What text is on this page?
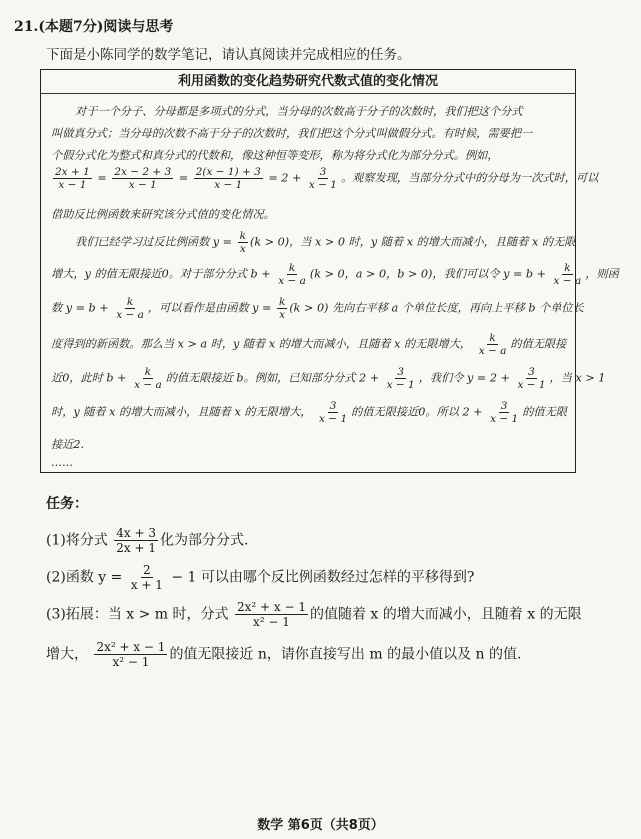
21.(本题7分)阅读与思考
下面是小陈同学的数学笔记，请认真阅读并完成相应的任务。
利用函数的变化趋势研究代数式值的变化情况
对于一个分子、分母都是多项式的分式，当分母的次数高于分子的次数时，我们把这个分式
叫做真分式；当分母的次数不高于分子的次数时，我们把这个分式叫做假分式。有时候，需要把一
个假分式化为整式和真分式的代数和，像这种恒等变形，称为将分式化为部分分式。例如，
$\frac{2x + 1}{x - 1} = \frac{2x - 2 + 3}{x - 1} = \frac{2(x - 1) + 3}{x - 1} = 2 + \frac{3}{x - 1}$ 。观察发现，当部分分式中的分母为一次式时，可以
借助反比例函数来研究该分式值的变化情况。
我们已经学习过反比例函数 $y = \frac{k}{x} (k > 0)$，当 x > 0 时，y 随着 x 的增大而减小，且随着 x 的无限
增大，y 的值无限接近0。对于部分分式 $b + \frac{k}{x - a} (k > 0$，a > 0，b > 0)，我们可以令 $y = b + \frac{k}{x - a}$ ，则函
数 $y = b + \frac{k}{x - a}$ ，可以看作是由函数 $y = \frac{k}{x} (k > 0)$ 先向右平移 a 个单位长度，再向上平移 b 个单位长
度得到的新函数。那么当 x > a 时，y 随着 x 的增大而减小，且随着 x 的无限增大， $\frac{k}{x - a}$ 的值无限接
近0，此时 $b + \frac{k}{x - a}$ 的值无限接近 b。例如，已知部分分式 $2 + \frac{3}{x - 1}$ ，我们令 $y = 2 + \frac{3}{x - 1}$ ，当 x > 1
时，y 随着 x 的增大而减小，且随着 x 的无限增大， $\frac{3}{x - 1}$ 的值无限接近0。所以 $2 + \frac{3}{x - 1}$ 的值无限
接近2.
……
任务：
(1)将分式 $\frac{4x + 3}{2x + 1}$ 化为部分分式.
(2)函数 $y = \frac{2}{x + 1} - 1$ 可以由哪个反比例函数经过怎样的平移得到?
(3)拓展：当 x > m 时，分式 $\frac{\text{2x² + x − 1}}{\text{x² − 1}}$ 的值随着 x 的增大而减小，且随着 x 的无限
增大， $\frac{\text{2x² + x − 1}}{\text{x² − 1}}$ 的值无限接近 n，请你直接写出 m 的最小值以及 n 的值.
数学 第6页（共8页）
